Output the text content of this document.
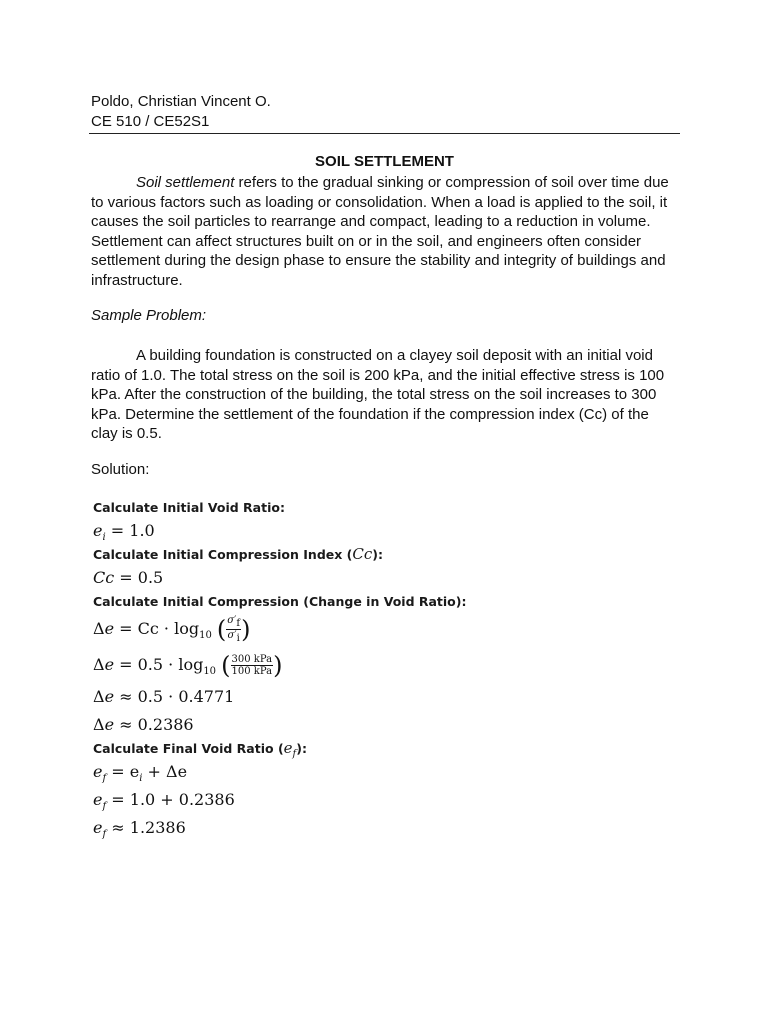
Poldo, Christian Vincent O.
CE 510 / CE52S1
SOIL SETTLEMENT
Soil settlement refers to the gradual sinking or compression of soil over time due to various factors such as loading or consolidation. When a load is applied to the soil, it causes the soil particles to rearrange and compact, leading to a reduction in volume. Settlement can affect structures built on or in the soil, and engineers often consider settlement during the design phase to ensure the stability and integrity of buildings and infrastructure.
Sample Problem:
A building foundation is constructed on a clayey soil deposit with an initial void ratio of 1.0. The total stress on the soil is 200 kPa, and the initial effective stress is 100 kPa. After the construction of the building, the total stress on the soil increases to 300 kPa. Determine the settlement of the foundation if the compression index (Cc) of the clay is 0.5.
Solution:
Calculate Initial Void Ratio:
$e_i = 1.0$
Calculate Initial Compression Index (Cc):
Cc = 0.5
Calculate Initial Compression (Change in Void Ratio):
$\Delta e = Cc \cdot \log_{10}$ ( $\frac{\sigma'_f}{\sigma'_i}$ )
$\Delta e = 0.5 \cdot \log_{10}$ ( $\frac{\text{300 kPa}}{\text{100 kPa}}$ )
Δe ≈ 0.5 · 0.4771
Δe ≈ 0.2386
Calculate Final Void Ratio $(e_f)$:
$e_f = e_i + \Delta e$
$e_f = 1.0 + 0.2386$
$e_f \approx 1.2386$
